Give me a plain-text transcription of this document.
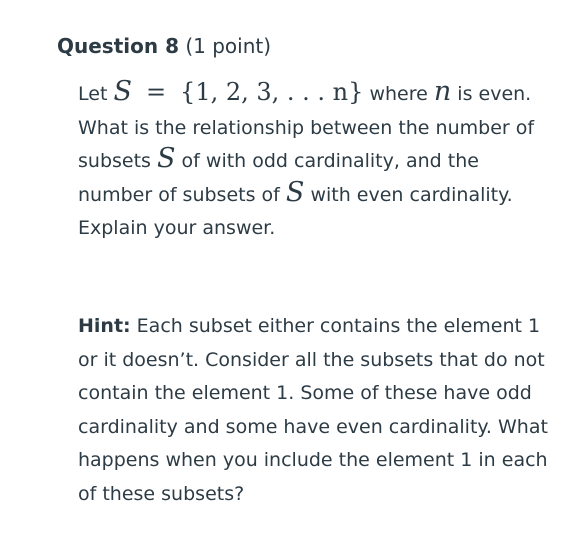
Question 8 (1 point)

Let S = {1, 2, 3, . . . n} where n is even. What is the relationship between the number of subsets S of with odd cardinality, and the number of subsets of S with even cardinality.
Explain your answer.

Hint: Each subset either contains the element 1 or it doesn’t. Consider all the subsets that do not contain the element 1. Some of these have odd cardinality and some have even cardinality. What happens when you include the element 1 in each of these subsets?
